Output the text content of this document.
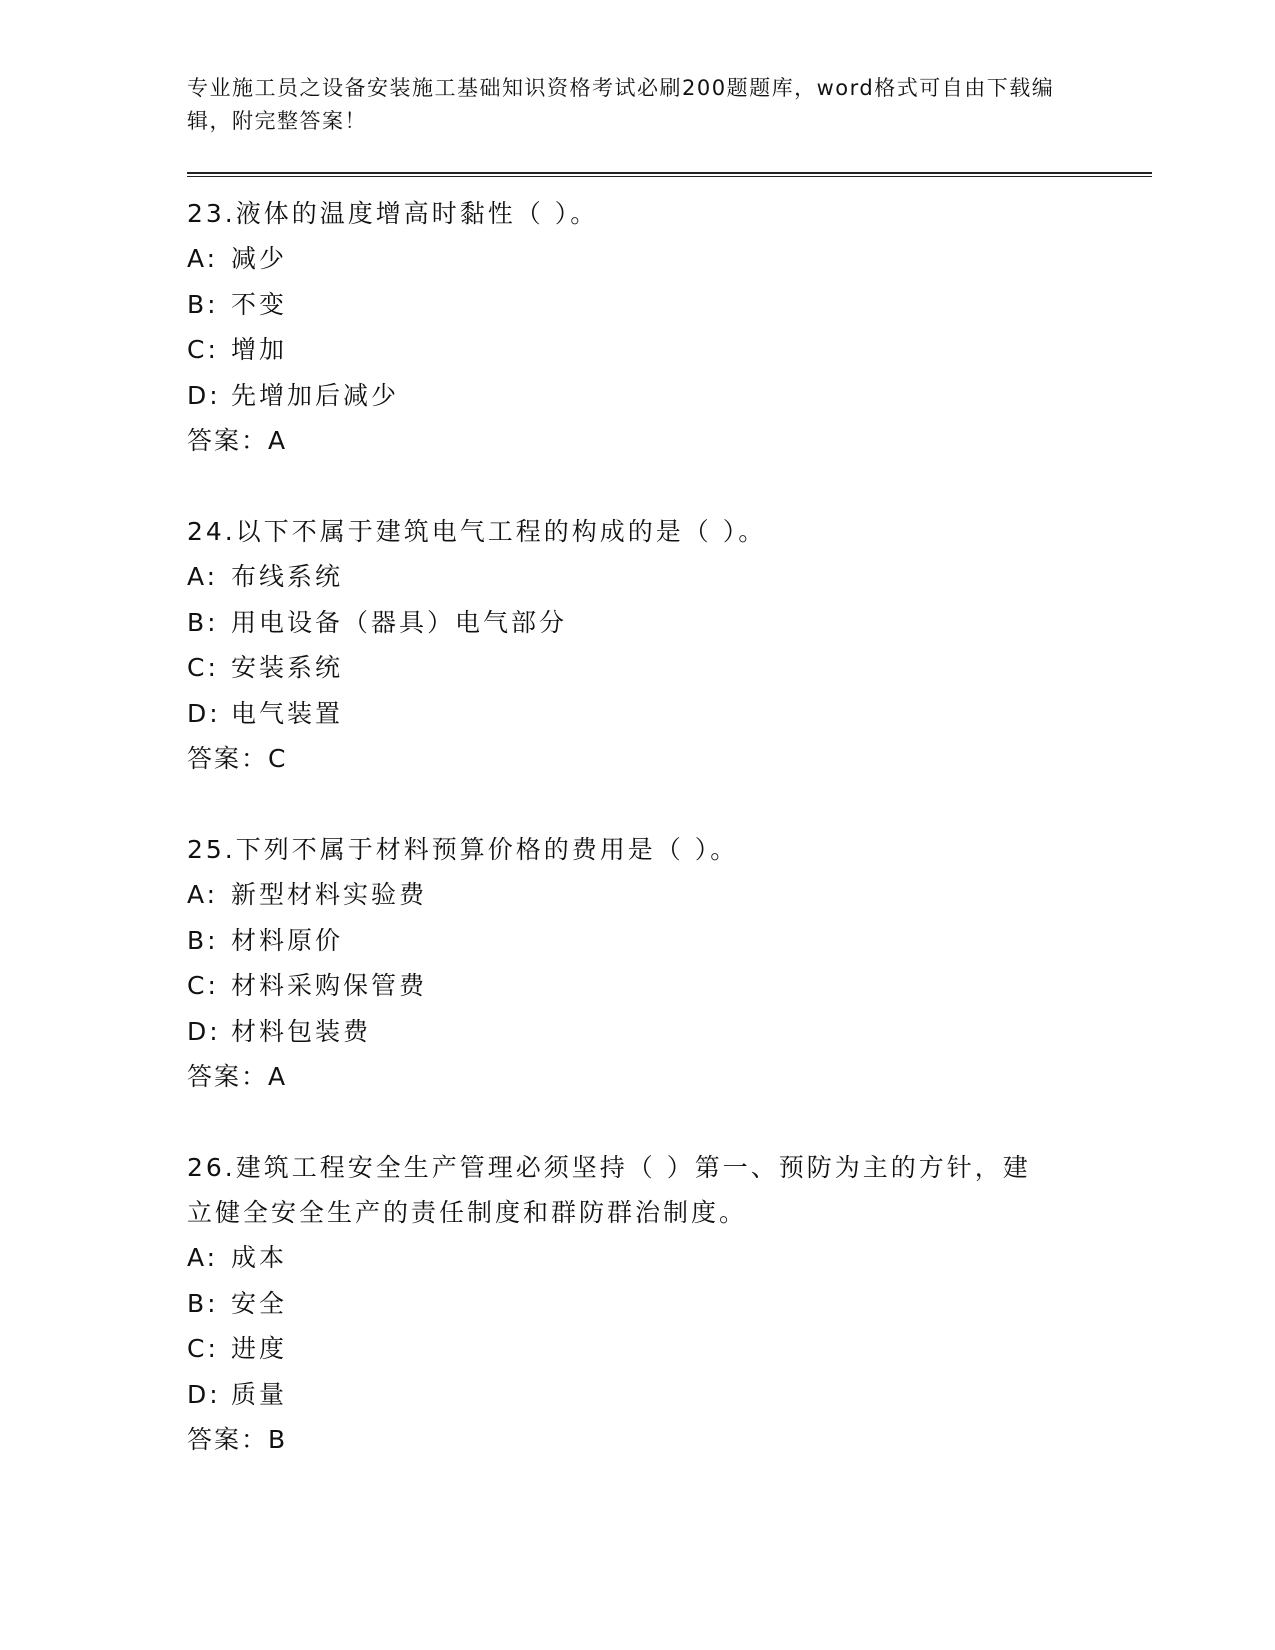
专业施工员之设备安装施工基础知识资格考试必刷200题题库，word格式可自由下载编辑，附完整答案！

23.液体的温度增高时黏性（ ）。
A: 减少
B: 不变
C: 增加
D: 先增加后减少
答案：A
24.以下不属于建筑电气工程的构成的是（ ）。
A: 布线系统
B: 用电设备（器具）电气部分
C: 安装系统
D: 电气装置
答案：C
25.下列不属于材料预算价格的费用是（ ）。
A: 新型材料实验费
B: 材料原价
C: 材料采购保管费
D: 材料包装费
答案：A
26.建筑工程安全生产管理必须坚持（ ）第一、预防为主的方针，建立健全安全生产的责任制度和群防群治制度。
A: 成本
B: 安全
C: 进度
D: 质量
答案：B
